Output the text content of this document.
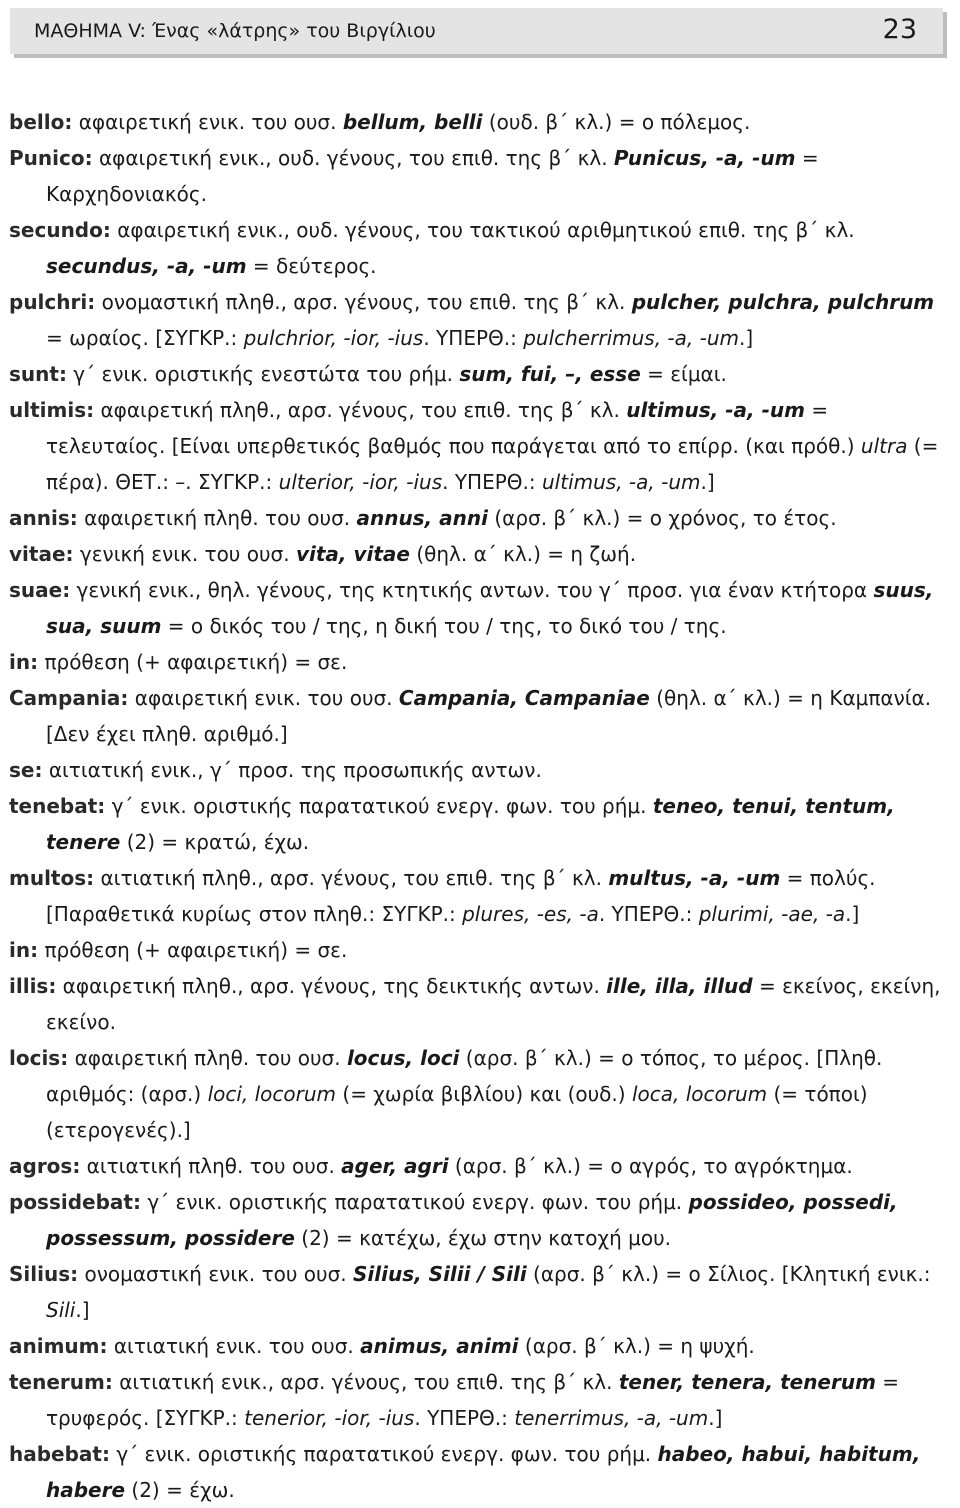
ΜΑΘΗΜΑ V: Ένας «λάτρης» του Βιργίλιου	23
bello: αφαιρετική ενικ. του ουσ. bellum, belli (ουδ. β΄ κλ.) = ο πόλεμος.
Punico: αφαιρετική ενικ., ουδ. γένους, του επιθ. της β΄ κλ. Punicus, -a, -um = Καρχηδονιακός.
secundo: αφαιρετική ενικ., ουδ. γένους, του τακτικού αριθμητικού επιθ. της β΄ κλ. secundus, -a, -um = δεύτερος.
pulchri: ονομαστική πληθ., αρσ. γένους, του επιθ. της β΄ κλ. pulcher, pulchra, pulchrum = ωραίος. [ΣΥΓΚΡ.: pulchrior, -ior, -ius. ΥΠΕΡΘ.: pulcherrimus, -a, -um.]
sunt: γ΄ ενικ. οριστικής ενεστώτα του ρήμ. sum, fui, –, esse = είμαι.
ultimis: αφαιρετική πληθ., αρσ. γένους, του επιθ. της β΄ κλ. ultimus, -a, -um = τελευταίος. [Είναι υπερθετικός βαθμός που παράγεται από το επίρρ. (και πρόθ.) ultra (= πέρα). ΘΕΤ.: –. ΣΥΓΚΡ.: ulterior, -ior, -ius. ΥΠΕΡΘ.: ultimus, -a, -um.]
annis: αφαιρετική πληθ. του ουσ. annus, anni (αρσ. β΄ κλ.) = ο χρόνος, το έτος.
vitae: γενική ενικ. του ουσ. vita, vitae (θηλ. α΄ κλ.) = η ζωή.
suae: γενική ενικ., θηλ. γένους, της κτητικής αντων. του γ΄ προσ. για έναν κτήτορα suus, sua, suum = ο δικός του / της, η δική του / της, το δικό του / της.
in: πρόθεση (+ αφαιρετική) = σε.
Campania: αφαιρετική ενικ. του ουσ. Campania, Campaniae (θηλ. α΄ κλ.) = η Καμπανία. [Δεν έχει πληθ. αριθμό.]
se: αιτιατική ενικ., γ΄ προσ. της προσωπικής αντων.
tenebat: γ΄ ενικ. οριστικής παρατατικού ενεργ. φων. του ρήμ. teneo, tenui, tentum, tenere (2) = κρατώ, έχω.
multos: αιτιατική πληθ., αρσ. γένους, του επιθ. της β΄ κλ. multus, -a, -um = πολύς. [Παραθετικά κυρίως στον πληθ.: ΣΥΓΚΡ.: plures, -es, -a. ΥΠΕΡΘ.: plurimi, -ae, -a.]
in: πρόθεση (+ αφαιρετική) = σε.
illis: αφαιρετική πληθ., αρσ. γένους, της δεικτικής αντων. ille, illa, illud = εκείνος, εκείνη, εκείνο.
locis: αφαιρετική πληθ. του ουσ. locus, loci (αρσ. β΄ κλ.) = ο τόπος, το μέρος. [Πληθ. αριθμός: (αρσ.) loci, locorum (= χωρία βιβλίου) και (ουδ.) loca, locorum (= τόποι) (ετερογενές).]
agros: αιτιατική πληθ. του ουσ. ager, agri (αρσ. β΄ κλ.) = ο αγρός, το αγρόκτημα.
possidebat: γ΄ ενικ. οριστικής παρατατικού ενεργ. φων. του ρήμ. possideo, possedi, possessum, possidere (2) = κατέχω, έχω στην κατοχή μου.
Silius: ονομαστική ενικ. του ουσ. Silius, Silii / Sili (αρσ. β΄ κλ.) = ο Σίλιος. [Κλητική ενικ.: Sili.]
animum: αιτιατική ενικ. του ουσ. animus, animi (αρσ. β΄ κλ.) = η ψυχή.
tenerum: αιτιατική ενικ., αρσ. γένους, του επιθ. της β΄ κλ. tener, tenera, tenerum = τρυφερός. [ΣΥΓΚΡ.: tenerior, -ior, -ius. ΥΠΕΡΘ.: tenerrimus, -a, -um.]
habebat: γ΄ ενικ. οριστικής παρατατικού ενεργ. φων. του ρήμ. habeo, habui, habitum, habere (2) = έχω.
